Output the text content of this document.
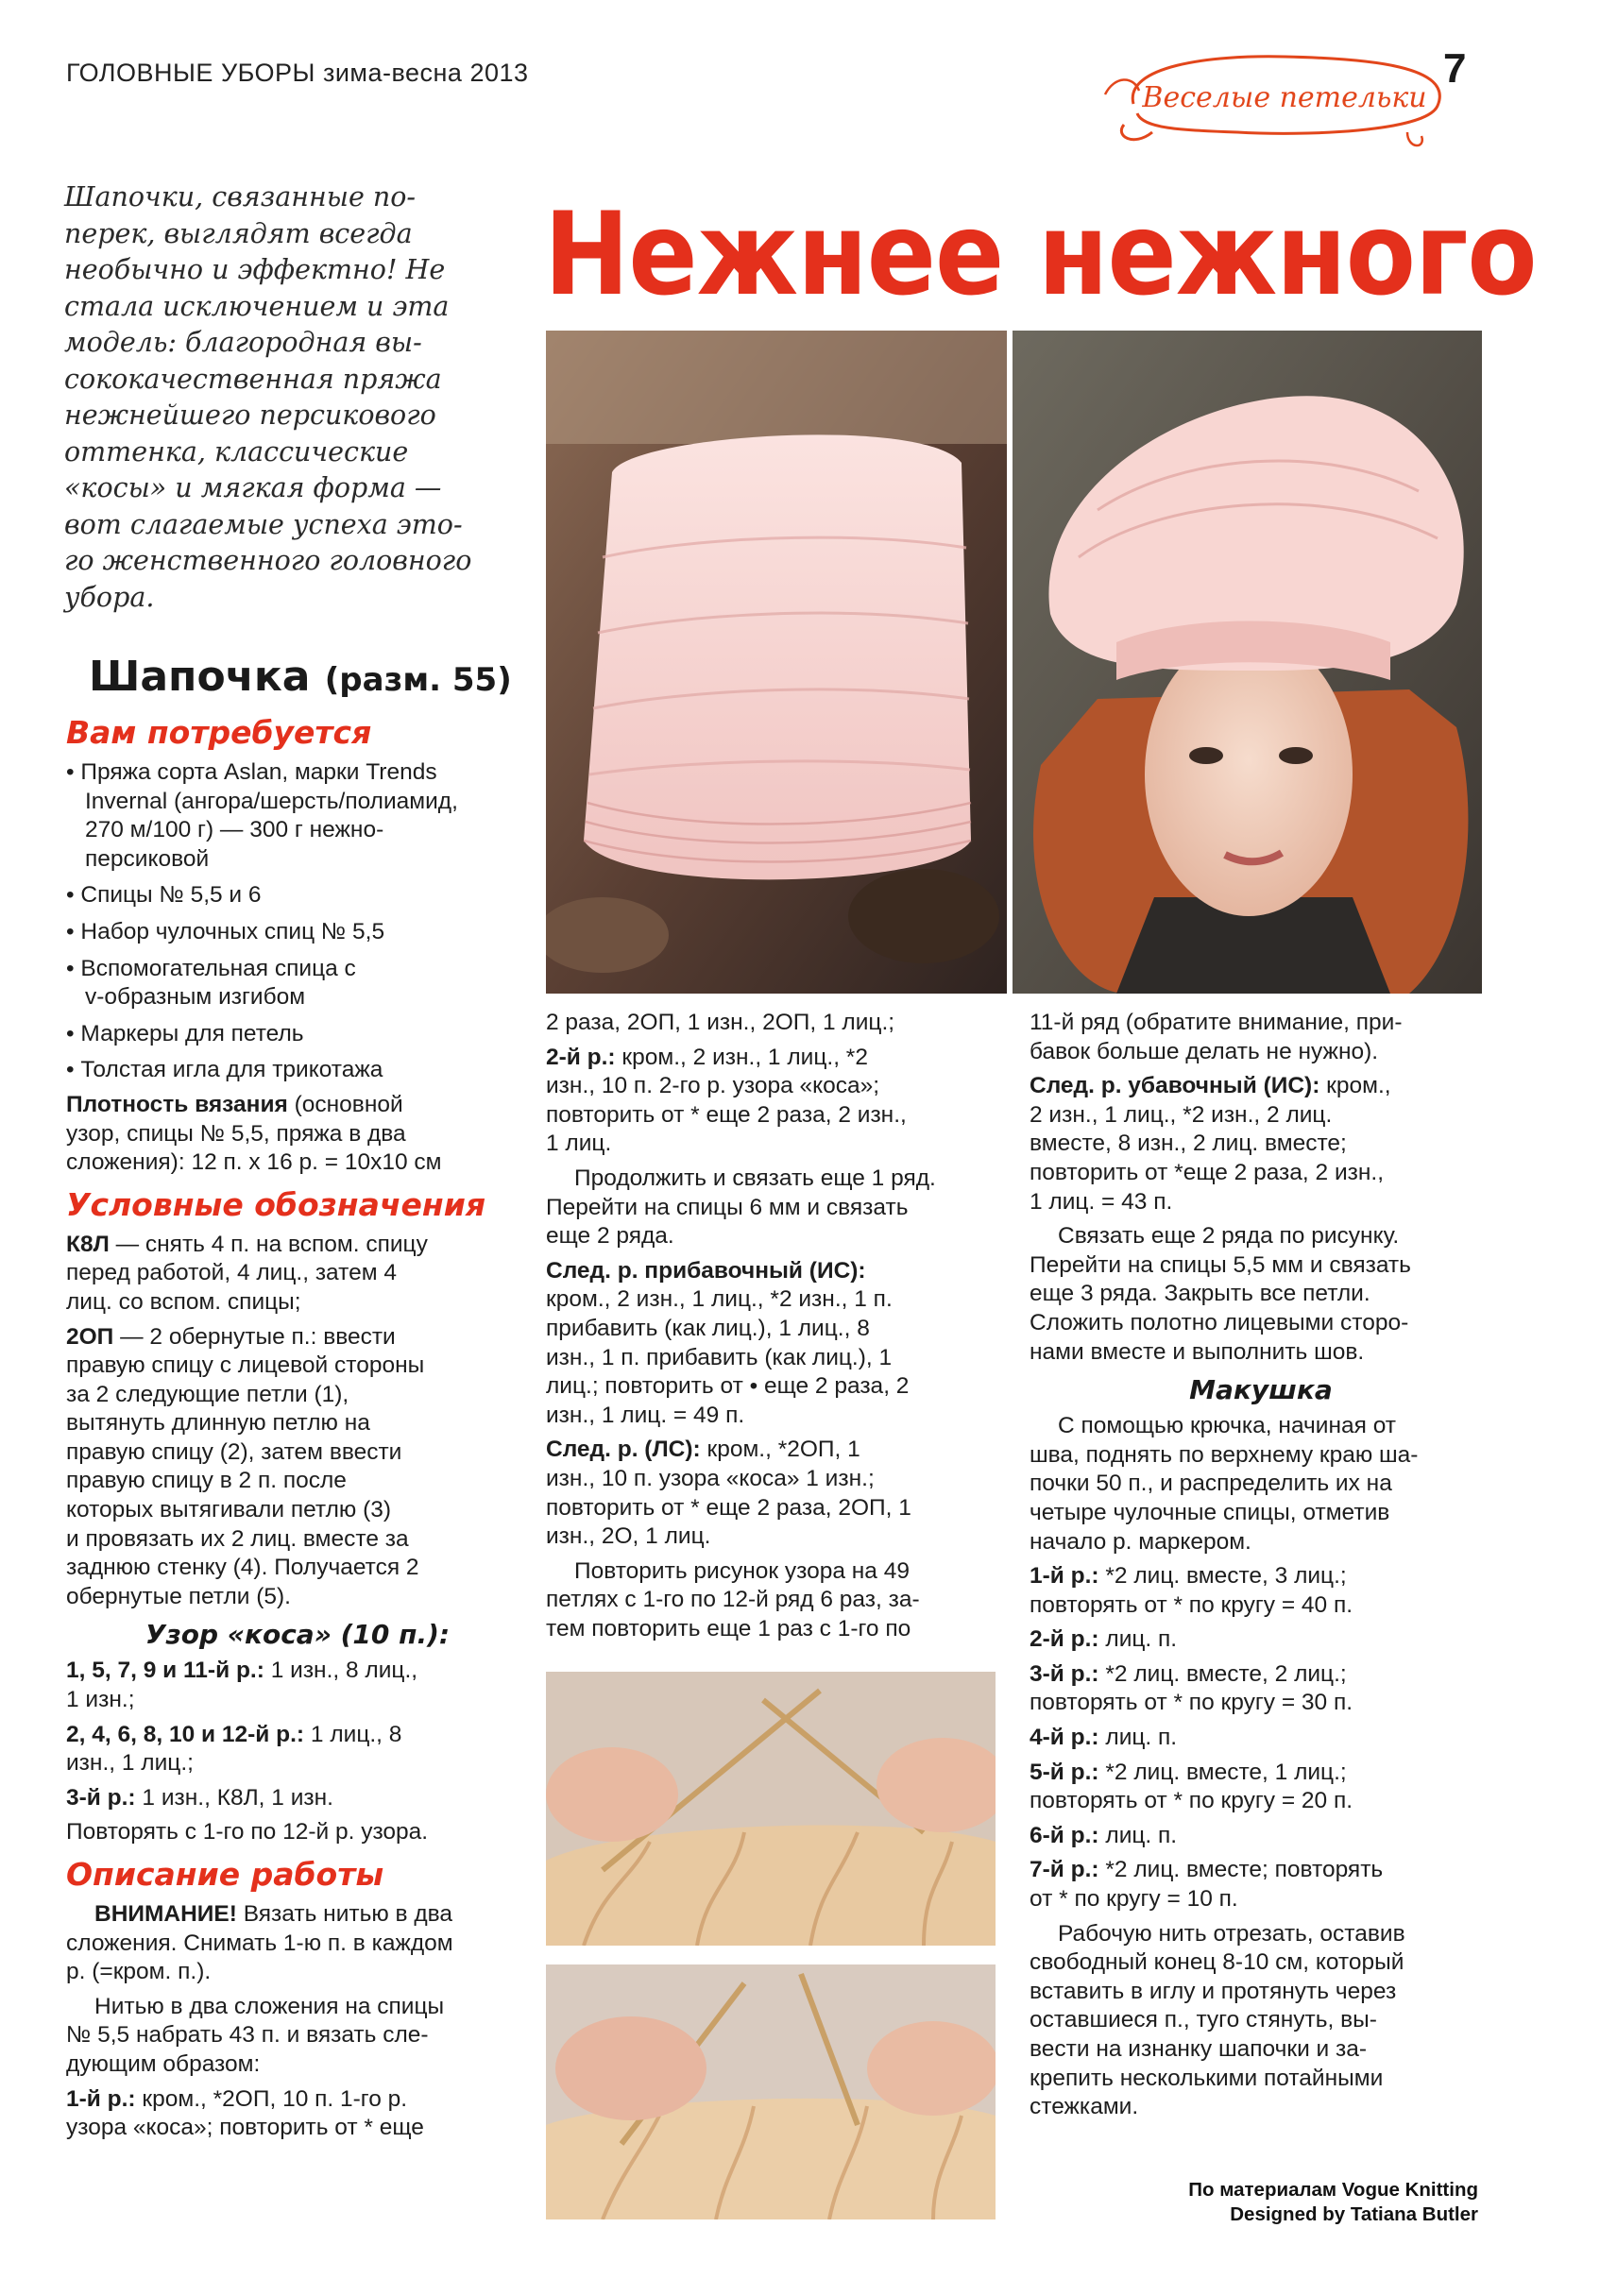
ГОЛОВНЫЕ УБОРЫ зима-весна 2013
Веселые петельки
7
Шапочки, связанные по-
перек, выглядят всегда
необычно и эффектно! Не
стала исключением и эта
модель: благородная вы-
сококачественная пряжа
нежнейшего персикового
оттенка, классические
«косы» и мягкая форма —
вот слагаемые успеха это-
го женственного головного
убора.
Нежнее нежного
Шапочка (разм. 55)
Вам потребуется
• Пряжа сорта Aslan, марки Trends
Invernal (ангора/шерсть/полиамид,
270 м/100 г) — 300 г нежно-
персиковой
• Спицы № 5,5 и 6
• Набор чулочных спиц № 5,5
• Вспомогательная спица с
v-образным изгибом
• Маркеры для петель
• Толстая игла для трикотажа

Плотность вязания (основной
узор, спицы № 5,5, пряжа в два
сложения): 12 п. х 16 р. = 10х10 см

Условные обозначения

К8Л — снять 4 п. на вспом. спицу
перед работой, 4 лиц., затем 4
лиц. со вспом. спицы;

2ОП — 2 обернутые п.: ввести
правую спицу с лицевой стороны
за 2 следующие петли (1),
вытянуть длинную петлю на
правую спицу (2), затем ввести
правую спицу в 2 п. после
которых вытягивали петлю (3)
и провязать их 2 лиц. вместе за
заднюю стенку (4). Получается 2
обернутые петли (5).

Узор «коса» (10 п.):

1, 5, 7, 9 и 11-й р.: 1 изн., 8 лиц.,
1 изн.;

2, 4, 6, 8, 10 и 12-й р.: 1 лиц., 8
изн., 1 лиц.;

3-й р.: 1 изн., К8Л, 1 изн.

Повторять с 1-го по 12-й р. узора.

Описание работы

ВНИМАНИЕ! Вязать нитью в два
сложения. Снимать 1-ю п. в каждом
р. (=кром. п.).

Нитью в два сложения на спицы
№ 5,5 набрать 43 п. и вязать сле-
дующим образом:

1-й р.: кром., *2ОП, 10 п. 1-го р.
узора «коса»; повторить от * еще

2 раза, 2ОП, 1 изн., 2ОП, 1 лиц.;

2-й р.: кром., 2 изн., 1 лиц., *2
изн., 10 п. 2-го р. узора «коса»;
повторить от * еще 2 раза, 2 изн.,
1 лиц.

Продолжить и связать еще 1 ряд.
Перейти на спицы 6 мм и связать
еще 2 ряда.

След. р. прибавочный (ИС):
кром., 2 изн., 1 лиц., *2 изн., 1 п.
прибавить (как лиц.), 1 лиц., 8
изн., 1 п. прибавить (как лиц.), 1
лиц.; повторить от • еще 2 раза, 2
изн., 1 лиц. = 49 п.

След. р. (ЛС): кром., *2ОП, 1
изн., 10 п. узора «коса» 1 изн.;
повторить от * еще 2 раза, 2ОП, 1
изн., 2О, 1 лиц.

Повторить рисунок узора на 49
петлях с 1-го по 12-й ряд 6 раз, за-
тем повторить еще 1 раз с 1-го по

11-й ряд (обратите внимание, при-
бавок больше делать не нужно).

След. р. убавочный (ИС): кром.,
2 изн., 1 лиц., *2 изн., 2 лиц.
вместе, 8 изн., 2 лиц. вместе;
повторить от *еще 2 раза, 2 изн.,
1 лиц. = 43 п.

Связать еще 2 ряда по рисунку.
Перейти на спицы 5,5 мм и связать
еще 3 ряда. Закрыть все петли.
Сложить полотно лицевыми сторо-
нами вместе и выполнить шов.

Макушка

С помощью крючка, начиная от
шва, поднять по верхнему краю ша-
почки 50 п., и распределить их на
четыре чулочные спицы, отметив
начало р. маркером.

1-й р.: *2 лиц. вместе, 3 лиц.;
повторять от * по кругу = 40 п.

2-й р.: лиц. п.

3-й р.: *2 лиц. вместе, 2 лиц.;
повторять от * по кругу = 30 п.

4-й р.: лиц. п.

5-й р.: *2 лиц. вместе, 1 лиц.;
повторять от * по кругу = 20 п.

6-й р.: лиц. п.

7-й р.: *2 лиц. вместе; повторять
от * по кругу = 10 п.

Рабочую нить отрезать, оставив
свободный конец 8-10 см, который
вставить в иглу и протянуть через
оставшиеся п., туго стянуть, вы-
вести на изнанку шапочки и за-
крепить несколькими потайными
стежками.

По материалам Vogue Knitting
Designed by Tatiana Butler
